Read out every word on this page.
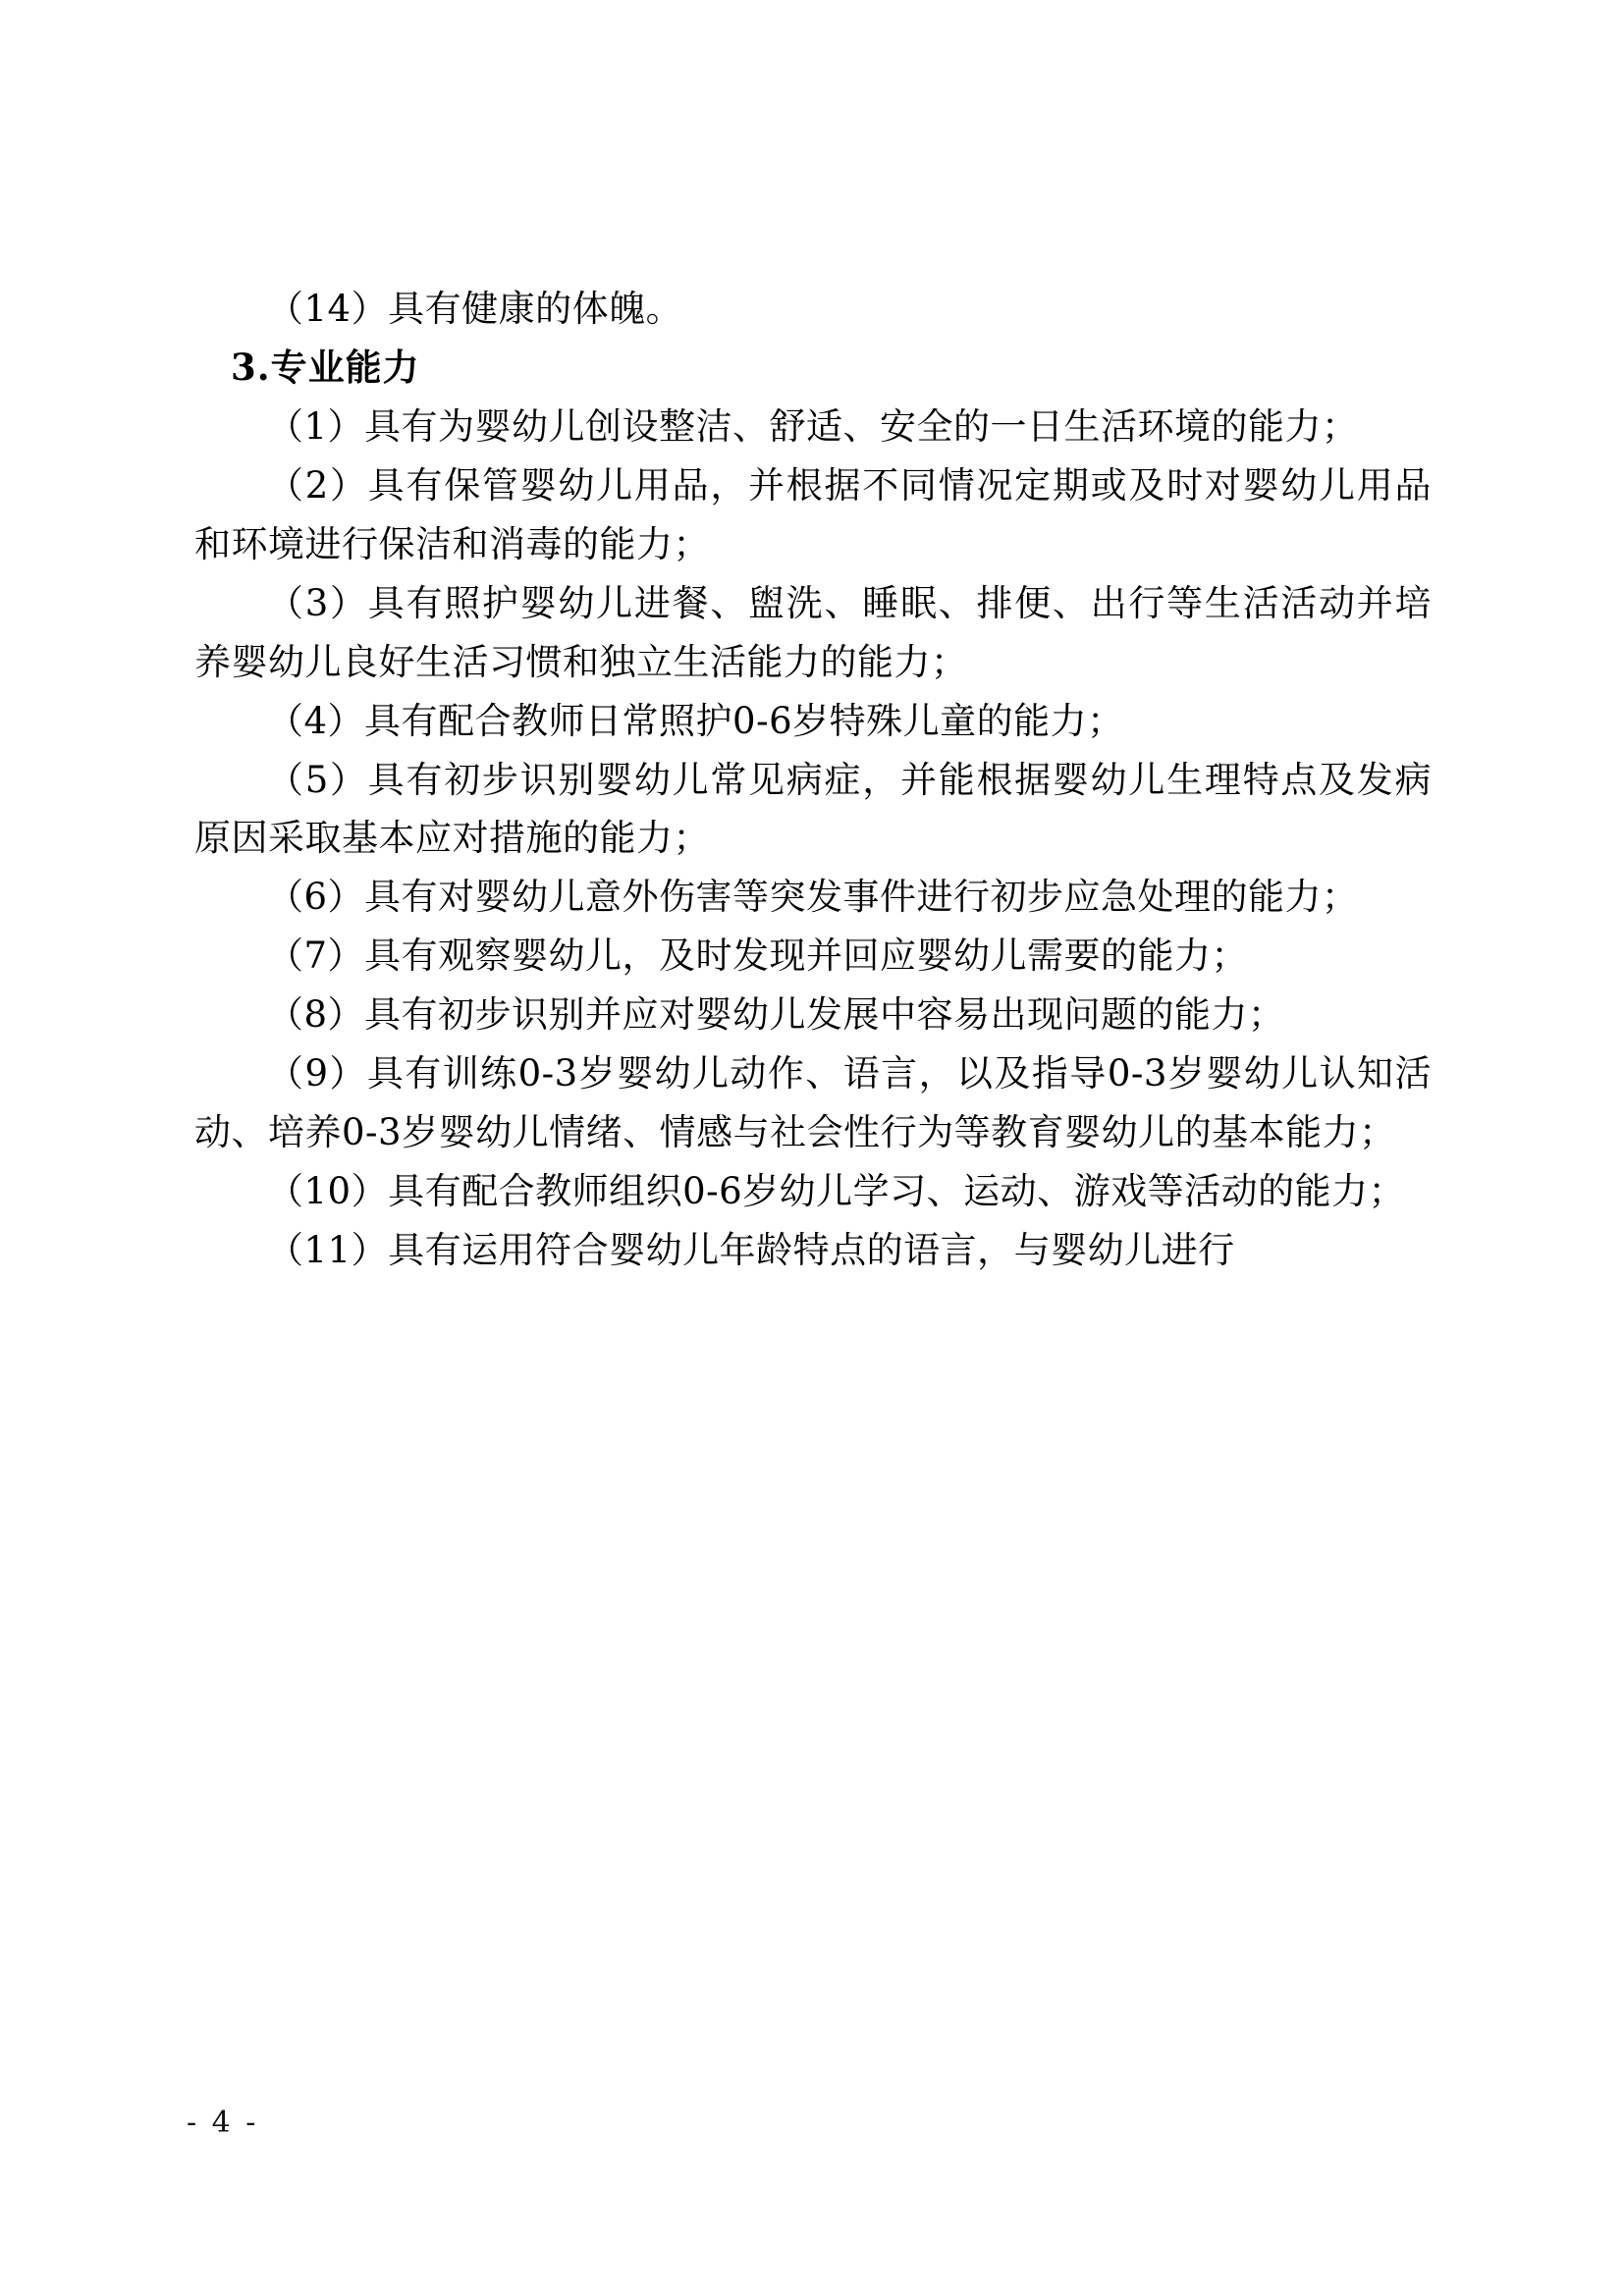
（14）具有健康的体魄。

3.专业能力

（1）具有为婴幼儿创设整洁、舒适、安全的一日生活环境的能力；

（2）具有保管婴幼儿用品，并根据不同情况定期或及时对婴幼儿用品和环境进行保洁和消毒的能力；

（3）具有照护婴幼儿进餐、盥洗、睡眠、排便、出行等生活活动并培养婴幼儿良好生活习惯和独立生活能力的能力；

（4）具有配合教师日常照护0-6岁特殊儿童的能力；

（5）具有初步识别婴幼儿常见病症，并能根据婴幼儿生理特点及发病原因采取基本应对措施的能力；

（6）具有对婴幼儿意外伤害等突发事件进行初步应急处理的能力；

（7）具有观察婴幼儿，及时发现并回应婴幼儿需要的能力；

（8）具有初步识别并应对婴幼儿发展中容易出现问题的能力；

（9）具有训练0-3岁婴幼儿动作、语言，以及指导0-3岁婴幼儿认知活动、培养0-3岁婴幼儿情绪、情感与社会性行为等教育婴幼儿的基本能力；

（10）具有配合教师组织0-6岁幼儿学习、运动、游戏等活动的能力；

（11）具有运用符合婴幼儿年龄特点的语言，与婴幼儿进行

- 4 -
